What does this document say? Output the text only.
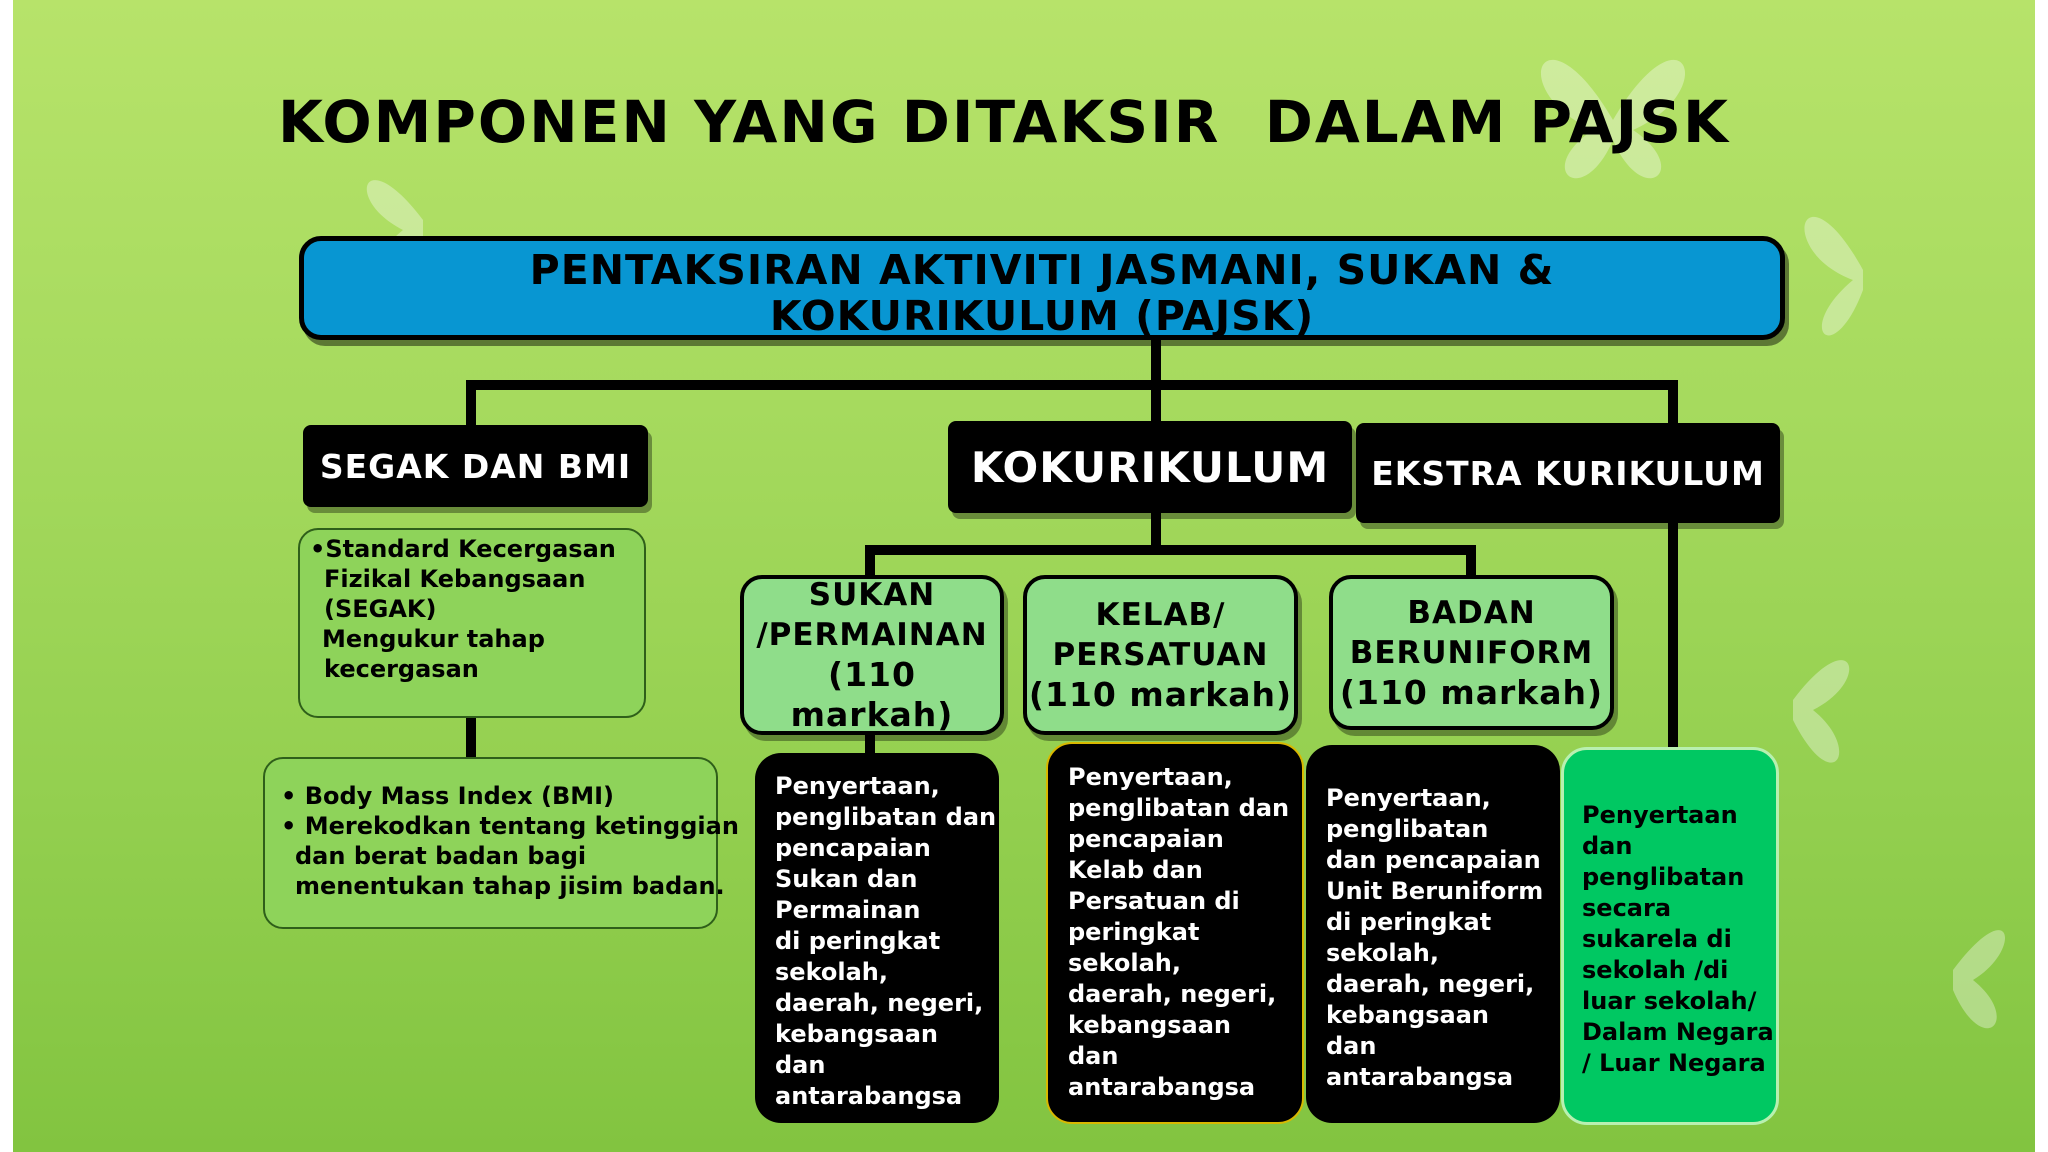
KOMPONEN YANG DITAKSIR  DALAM PAJSK
PENTAKSIRAN AKTIVITI JASMANI, SUKAN &
KOKURIKULUM (PAJSK)
SEGAK DAN BMI
•Standard Kecergasan
Fizikal Kebangsaan
(SEGAK)
Mengukur tahap
kecergasan
• Body Mass Index (BMI)
• Merekodkan tentang ketinggian
dan berat badan bagi
menentukan tahap jisim badan.
KOKURIKULUM
SUKAN
/PERMAINAN
(110 markah)
KELAB/
PERSATUAN
(110 markah)
BADAN
BERUNIFORM
(110 markah)
Penyertaan,
penglibatan dan
pencapaian
Sukan dan
Permainan
di peringkat
sekolah,
daerah, negeri,
kebangsaan
dan
antarabangsa
Penyertaan,
penglibatan dan
pencapaian
Kelab dan
Persatuan di
peringkat
sekolah,
daerah, negeri,
kebangsaan
dan
antarabangsa
Penyertaan,
penglibatan
dan pencapaian
Unit Beruniform
di peringkat
sekolah,
daerah, negeri,
kebangsaan
dan
antarabangsa
EKSTRA KURIKULUM
Penyertaan
dan
penglibatan
secara
sukarela di
sekolah /di
luar sekolah/
Dalam Negara
/ Luar Negara
